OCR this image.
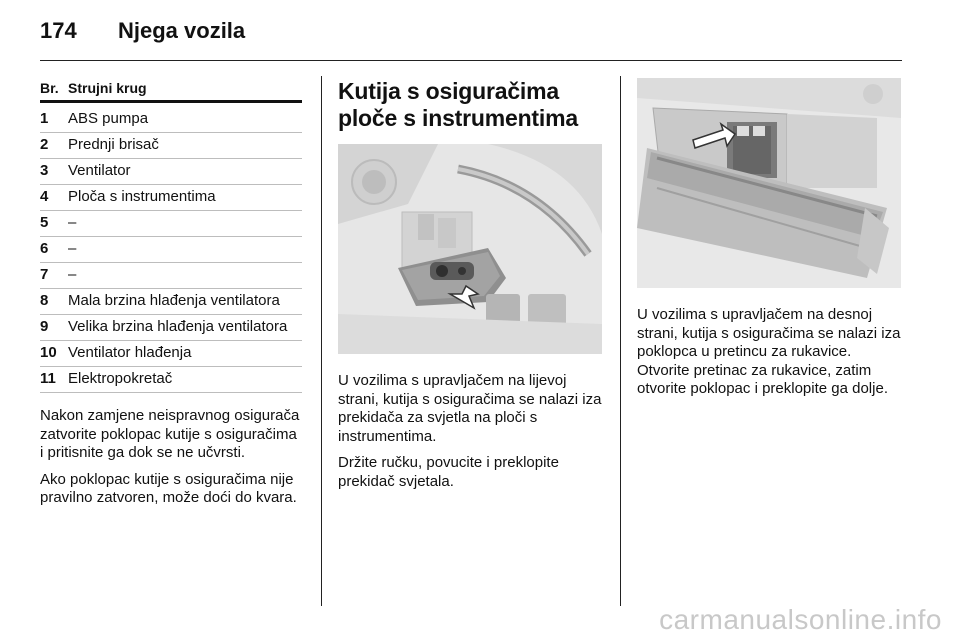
174	Njega vozila
Br. Strujni krug
1	ABS pumpa
2	Prednji brisač
3	Ventilator
4	Ploča s instrumentima
5	–
6	–
7	–
8	Mala brzina hlađenja ventilatora
9	Velika brzina hlađenja ventilatora
10 Ventilator hlađenja
11 Elektropokretač

Nakon zamjene neispravnog osigurača zatvorite poklopac kutije s osiguračima i pritisnite ga dok se ne učvrsti.

Ako poklopac kutije s osiguračima nije pravilno zatvoren, može doći do kvara.

Kutija s osiguračima ploče s instrumentima

U vozilima s upravljačem na lijevoj strani, kutija s osiguračima se nalazi iza prekidača za svjetla na ploči s instrumentima.

Držite ručku, povucite i preklopite prekidač svjetala.

U vozilima s upravljačem na desnoj strani, kutija s osiguračima se nalazi iza poklopca u pretincu za rukavice. Otvorite pretinac za rukavice, zatim otvorite poklopac i preklopite ga dolje.

carmanualsonline.info
